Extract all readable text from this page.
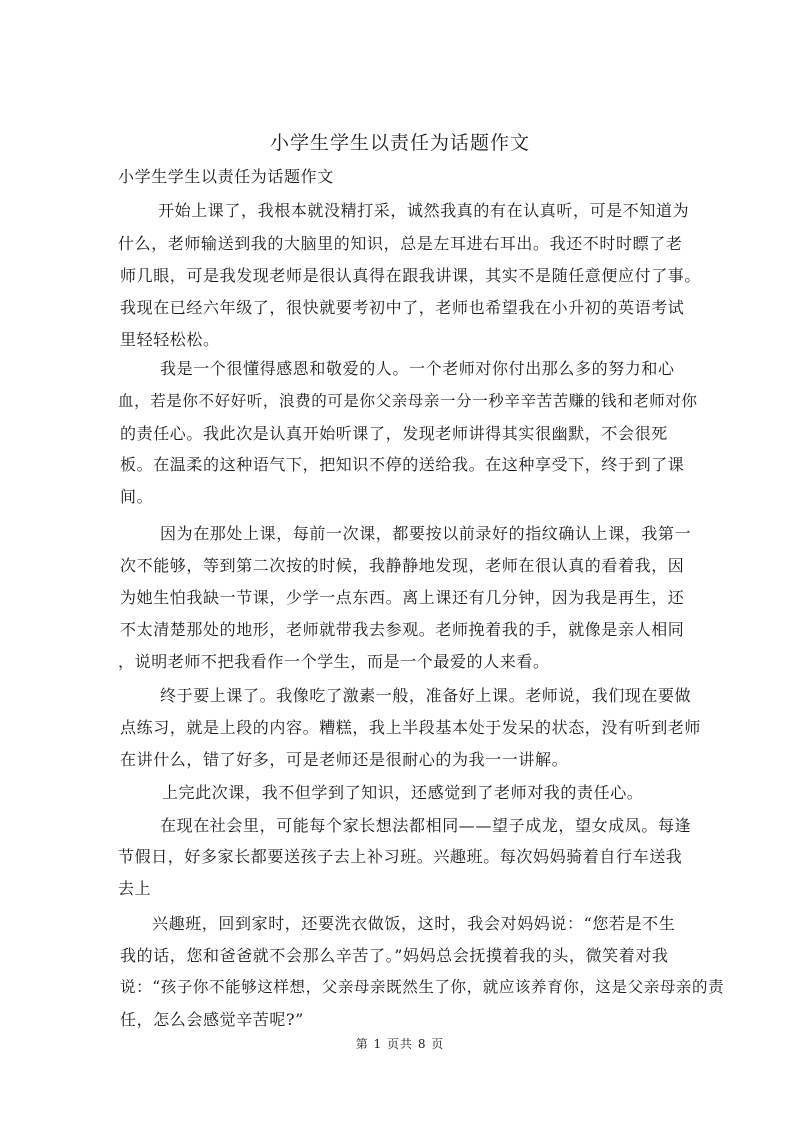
小学生学生以责任为话题作文
小学生学生以责任为话题作文
开始上课了，我根本就没精打采，诚然我真的有在认真听，可是不知道为
什么，老师输送到我的大脑里的知识，总是左耳进右耳出。我还不时时瞟了老
师几眼，可是我发现老师是很认真得在跟我讲课，其实不是随任意便应付了事。
我现在已经六年级了，很快就要考初中了，老师也希望我在小升初的英语考试
里轻轻松松。
我是一个很懂得感恩和敬爱的人。一个老师对你付出那么多的努力和心
血，若是你不好好听，浪费的可是你父亲母亲一分一秒辛辛苦苦赚的钱和老师对你
的责任心。我此次是认真开始听课了，发现老师讲得其实很幽默，不会很死
板。在温柔的这种语气下，把知识不停的送给我。在这种享受下，终于到了课
间。
因为在那处上课，每前一次课，都要按以前录好的指纹确认上课，我第一
次不能够，等到第二次按的时候，我静静地发现，老师在很认真的看着我，因
为她生怕我缺一节课，少学一点东西。离上课还有几分钟，因为我是再生，还
不太清楚那处的地形，老师就带我去参观。老师挽着我的手，就像是亲人相同
，说明老师不把我看作一个学生，而是一个最爱的人来看。
终于要上课了。我像吃了激素一般，准备好上课。老师说，我们现在要做
点练习，就是上段的内容。糟糕，我上半段基本处于发呆的状态，没有听到老师
在讲什么，错了好多，可是老师还是很耐心的为我一一讲解。
上完此次课，我不但学到了知识，还感觉到了老师对我的责任心。
在现在社会里，可能每个家长想法都相同——望子成龙，望女成凤。每逢
节假日，好多家长都要送孩子去上补习班。兴趣班。每次妈妈骑着自行车送我
去上
兴趣班，回到家时，还要洗衣做饭，这时，我会对妈妈说：“您若是不生
我的话，您和爸爸就不会那么辛苦了。”妈妈总会抚摸着我的头，微笑着对我
说：“孩子你不能够这样想，父亲母亲既然生了你，就应该养育你，这是父亲母亲的责
任，怎么会感觉辛苦呢?”
第 1 页共 8 页
